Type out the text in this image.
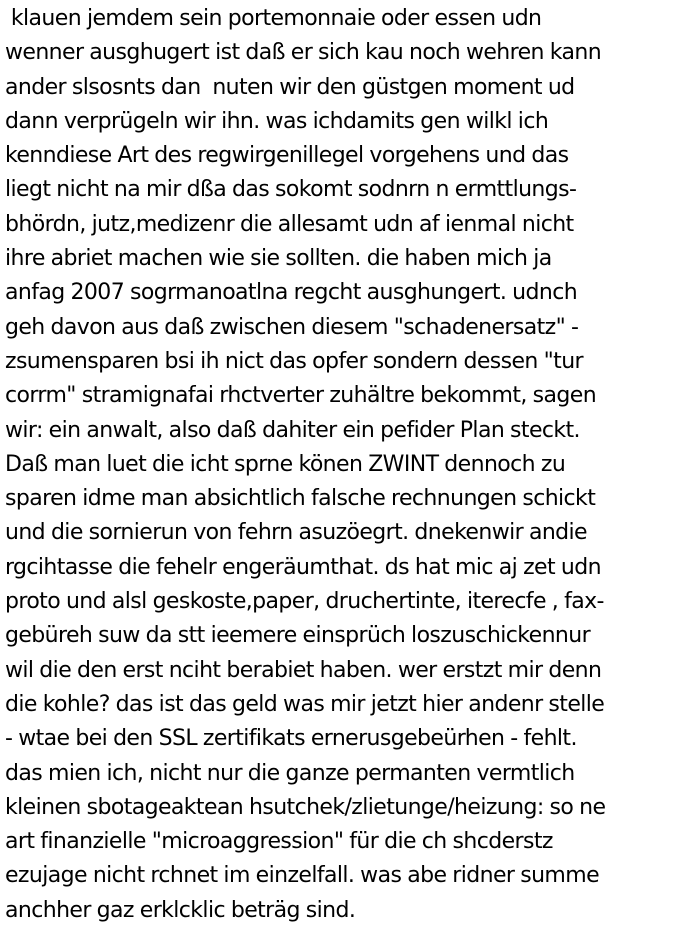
klauen jemdem sein portemonnaie oder essen udn
wenner ausghugert ist daß er sich kau noch wehren kann
ander slsosnts dan  nuten wir den güstgen moment ud
dann verprügeln wir ihn. was ichdamits gen wilkl ich
kenndiese Art des regwirgenillegel vorgehens und das
liegt nicht na mir dßa das sokomt sodnrn n ermttlungs-
bhördn, jutz,medizenr die allesamt udn af ienmal nicht
ihre abriet machen wie sie sollten. die haben mich ja
anfag 2007 sogrmanoatlna regcht ausghungert. udnch
geh davon aus daß zwischen diesem "schadenersatz" -
zsumensparen bsi ih nict das opfer sondern dessen "tur
corrm" stramignafai rhctverter zuhältre bekommt, sagen
wir: ein anwalt, also daß dahiter ein pefider Plan steckt.
Daß man luet die icht sprne könen ZWINT dennoch zu
sparen idme man absichtlich falsche rechnungen schickt
und die sornierun von fehrn asuzöegrt. dnekenwir andie
rgcihtasse die fehelr engeräumthat. ds hat mic aj zet udn
proto und alsl geskoste,paper, druchertinte, iterecfe , fax-
gebüreh suw da stt ieemere einsprüch loszuschickennur
wil die den erst nciht berabiet haben. wer erstzt mir denn
die kohle? das ist das geld was mir jetzt hier andenr stelle
- wtae bei den SSL zertifikats ernerusgebeürhen - fehlt.
das mien ich, nicht nur die ganze permanten vermtlich
kleinen sbotageaktean hsutchek/zlietunge/heizung: so ne
art finanzielle "microaggression" für die ch shcderstz
ezujage nicht rchnet im einzelfall. was abe ridner summe
anchher gaz erklcklic beträg sind.
